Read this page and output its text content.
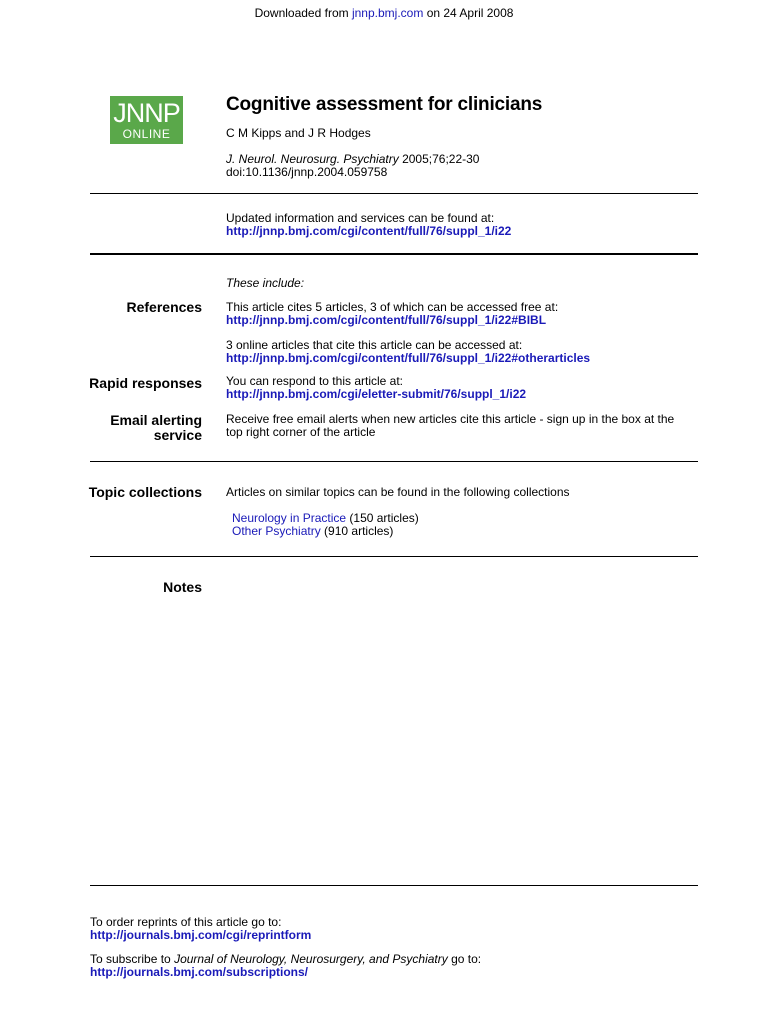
Downloaded from jnnp.bmj.com on 24 April 2008
JNNP
ONLINE
Cognitive assessment for clinicians
C M Kipps and J R Hodges
J. Neurol. Neurosurg. Psychiatry 2005;76;22-30
doi:10.1136/jnnp.2004.059758
Updated information and services can be found at:
http://jnnp.bmj.com/cgi/content/full/76/suppl_1/i22
These include:
References This article cites 5 articles, 3 of which can be accessed free at:
http://jnnp.bmj.com/cgi/content/full/76/suppl_1/i22#BIBL
3 online articles that cite this article can be accessed at:
http://jnnp.bmj.com/cgi/content/full/76/suppl_1/i22#otherarticles
Rapid responses You can respond to this article at:
http://jnnp.bmj.com/cgi/eletter-submit/76/suppl_1/i22
Email alerting
service
Receive free email alerts when new articles cite this article - sign up in the box at the
top right corner of the article
Topic collections Articles on similar topics can be found in the following collections
Neurology in Practice (150 articles)
Other Psychiatry (910 articles)
Notes
To order reprints of this article go to:
http://journals.bmj.com/cgi/reprintform
To subscribe to Journal of Neurology, Neurosurgery, and Psychiatry go to:
http://journals.bmj.com/subscriptions/
